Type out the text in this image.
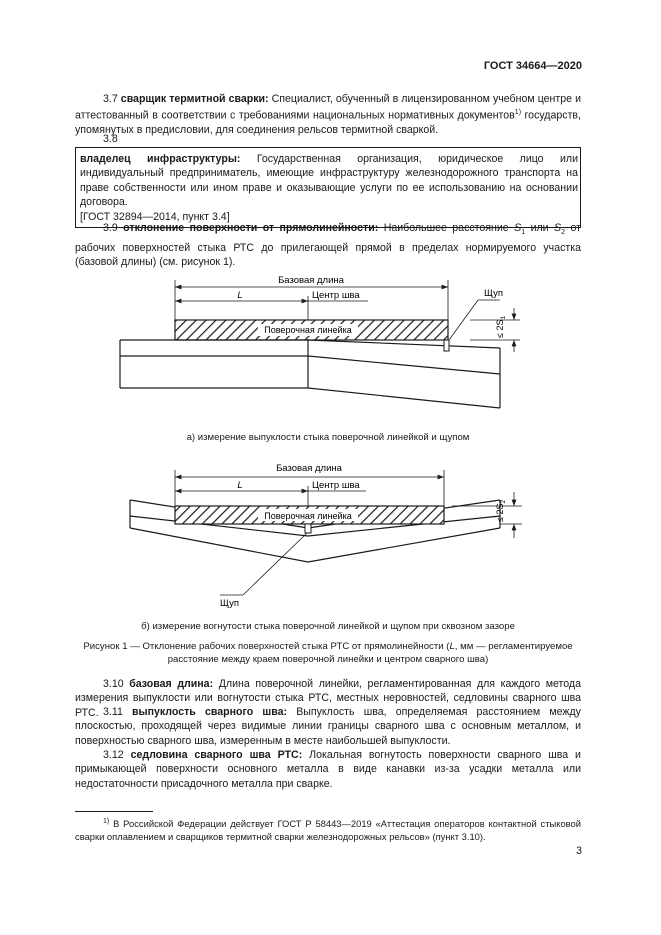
ГОСТ 34664—2020
3.7 сварщик термитной сварки: Специалист, обученный в лицензированном учебном центре и аттестованный в соответствии с требованиями национальных нормативных документов$^{1)}$ государств, упомянутых в предисловии, для соединения рельсов термитной сваркой.
3.8
владелец инфраструктуры: Государственная организация, юридическое лицо или индивидуальный предприниматель, имеющие инфраструктуру железнодорожного транспорта на праве собственности или ином праве и оказывающие услуги по ее использованию на основании договора.
[ГОСТ 32894—2014, пункт 3.4]
3.9 отклонение поверхности от прямолинейности: Наибольшее расстояние $S_1$ или $S_2$ от рабочих поверхностей стыка РТС до прилегающей прямой в пределах нормируемого участка (базовой длины) (см. рисунок 1).
Базовая длина
L	Центр шва	Щуп
Поверочная линейка	≤ $2S_1$
а) измерение выпуклости стыка поверочной линейкой и щупом
Базовая длина
L	Центр шва
Щуп
Поверочная линейка	≤ $2S_2$
б) измерение вогнутости стыка поверочной линейкой и щупом при сквозном зазоре
Рисунок 1 — Отклонение рабочих поверхностей стыка РТС от прямолинейности (L, мм — регламентируемое
расстояние между краем поверочной линейки и центром сварного шва)
3.10 базовая длина: Длина поверочной линейки, регламентированная для каждого метода измерения выпуклости или вогнутости стыка РТС, местных неровностей, седловины сварного шва РТС. 3.11 выпуклость сварного шва: Выпуклость шва, определяемая расстоянием между плоскостью, проходящей через видимые линии границы сварного шва с основным металлом, и поверхностью сварного шва, измеренным в месте наибольшей выпуклости.
3.12 седловина сварного шва РТС: Локальная вогнутость поверхности сварного шва и примыкающей поверхности основного металла в виде канавки из-за усадки металла или недостаточности присадочного металла при сварке.
$^{1)}$ В Российской Федерации действует ГОСТ Р 58443—2019 «Аттестация операторов контактной стыковой сварки оплавлением и сварщиков термитной сварки железнодорожных рельсов» (пункт 3.10).
3
